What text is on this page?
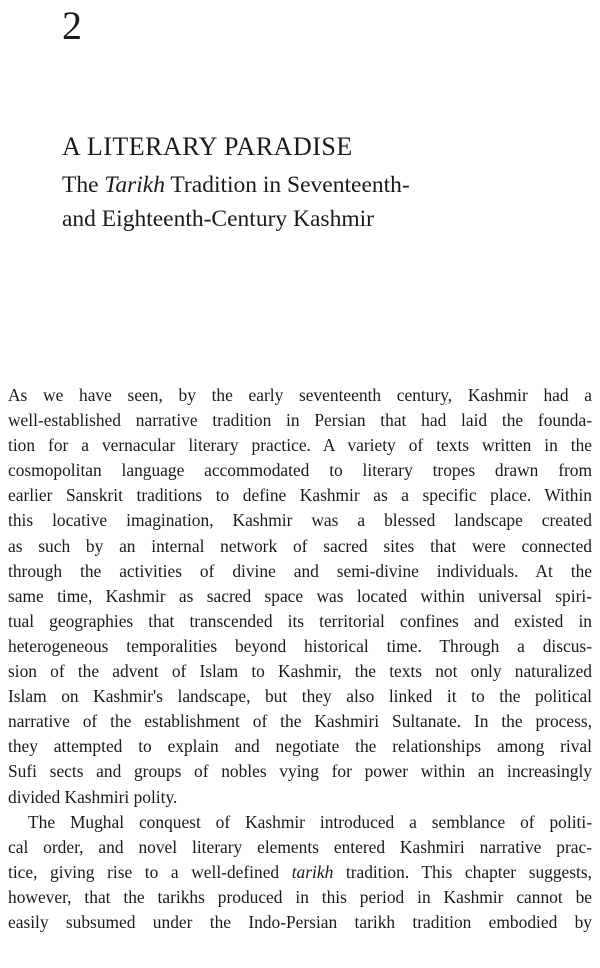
2
A LITERARY PARADISE
The Tarikh Tradition in Seventeenth-
and Eighteenth-Century Kashmir

As we have seen, by the early seventeenth century, Kashmir had a
well-established narrative tradition in Persian that had laid the founda-
tion for a vernacular literary practice. A variety of texts written in the
cosmopolitan language accommodated to literary tropes drawn from
earlier Sanskrit traditions to define Kashmir as a specific place. Within
this locative imagination, Kashmir was a blessed landscape created
as such by an internal network of sacred sites that were connected
through the activities of divine and semi-divine individuals. At the
same time, Kashmir as sacred space was located within universal spiri-
tual geographies that transcended its territorial confines and existed in
heterogeneous temporalities beyond historical time. Through a discus-
sion of the advent of Islam to Kashmir, the texts not only naturalized
Islam on Kashmir's landscape, but they also linked it to the political
narrative of the establishment of the Kashmiri Sultanate. In the process,
they attempted to explain and negotiate the relationships among rival
Sufi sects and groups of nobles vying for power within an increasingly
divided Kashmiri polity.

The Mughal conquest of Kashmir introduced a semblance of politi-
cal order, and novel literary elements entered Kashmiri narrative prac-
tice, giving rise to a well-defined tarikh tradition. This chapter suggests,
however, that the tarikhs produced in this period in Kashmir cannot be
easily subsumed under the Indo-Persian tarikh tradition embodied by
